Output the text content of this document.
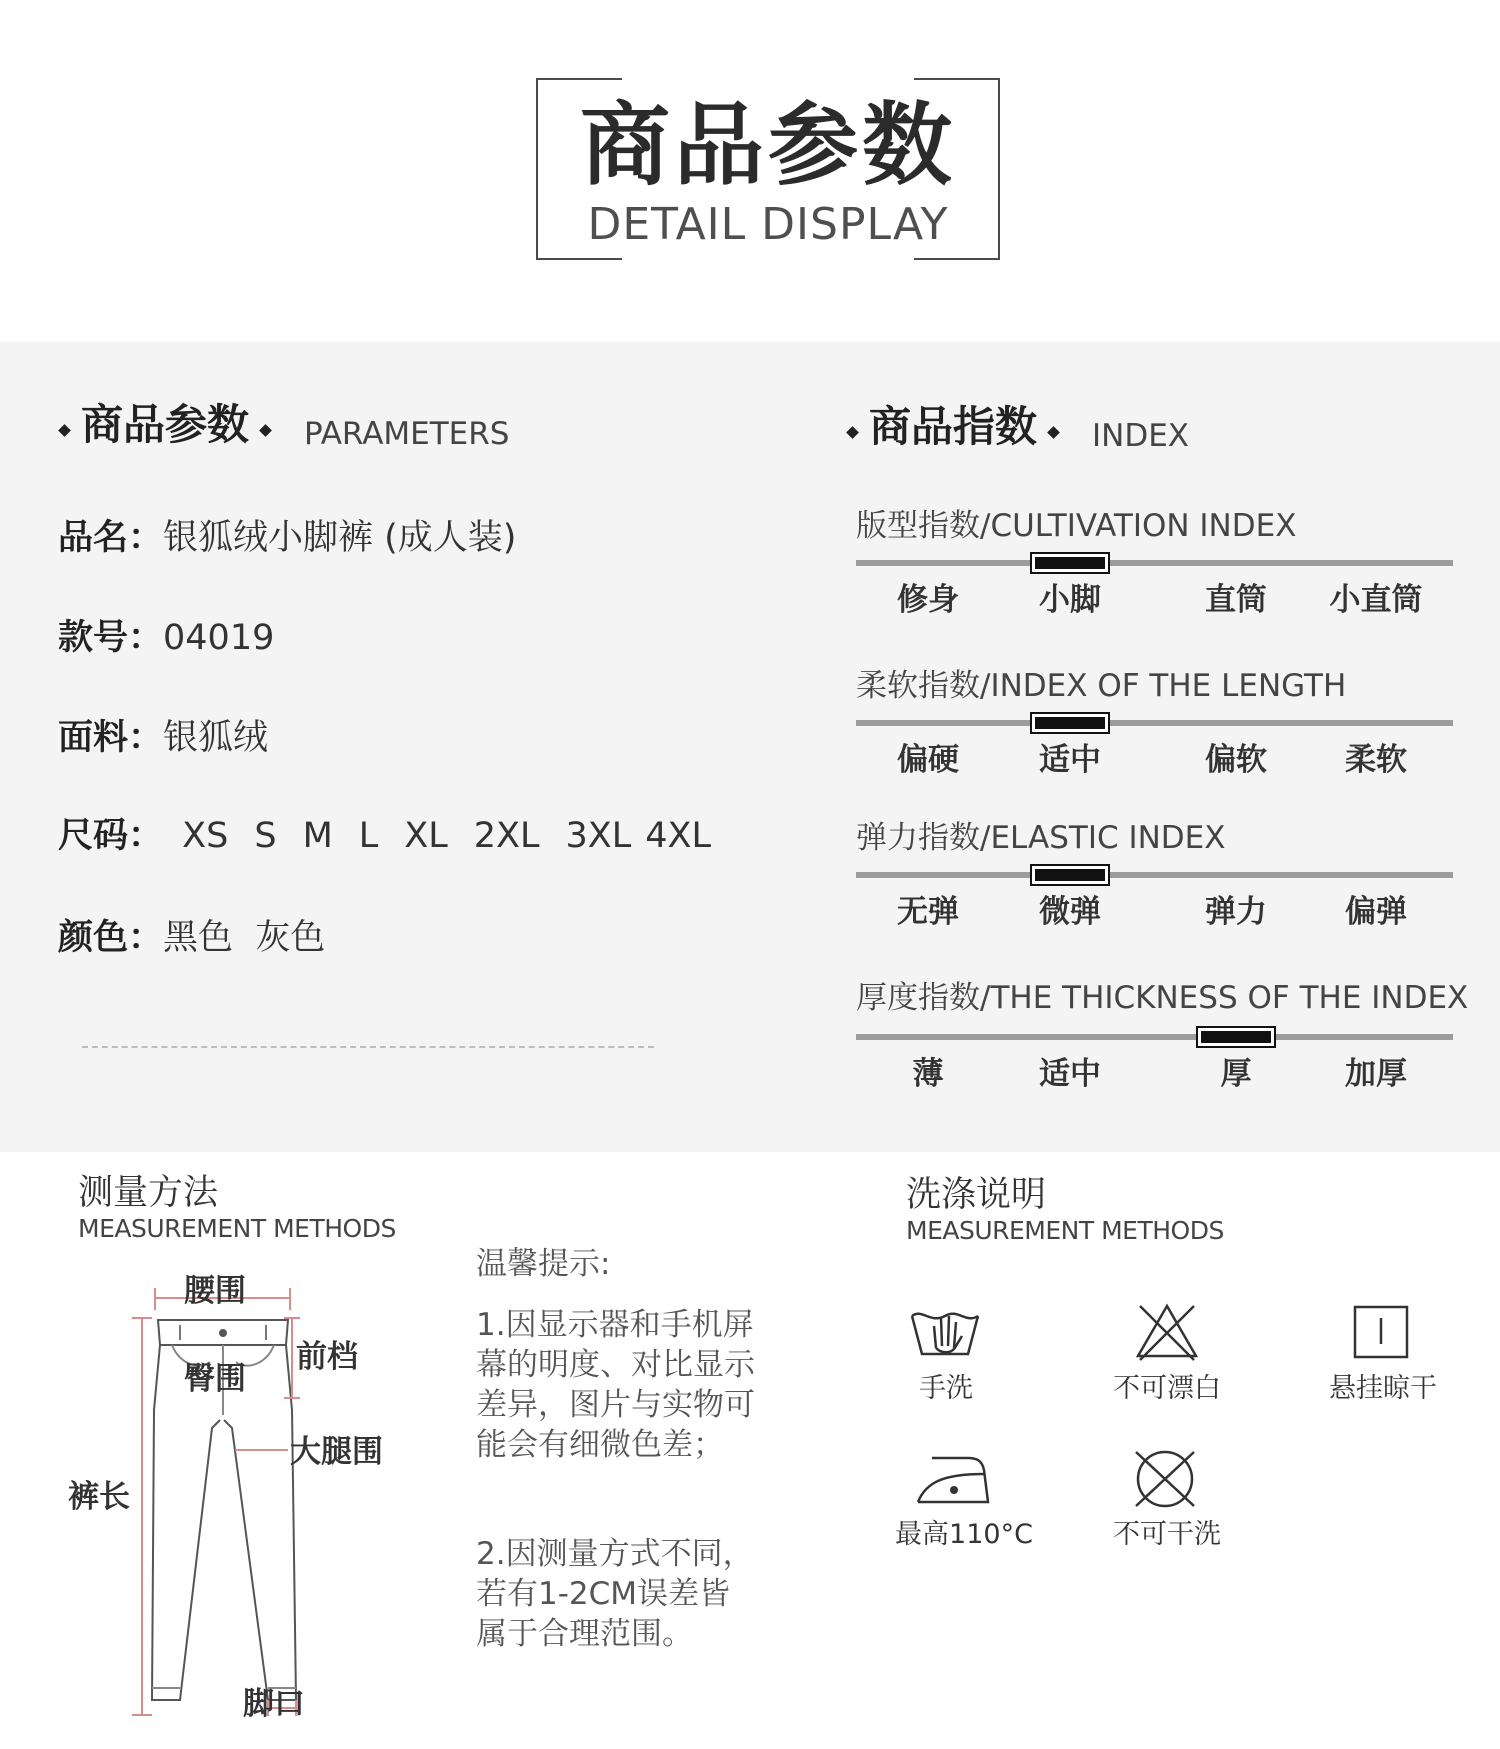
商品参数
DETAIL DISPLAY
商品参数	PARAMETERS
品名：银狐绒小脚裤 (成人装)
款号：04019
面料：银狐绒
尺码： XS S M L XL 2XL 3XL 4XL
颜色：黑色  灰色
商品指数	INDEX
版型指数/CULTIVATION INDEX
修身	小脚	直筒	小直筒
柔软指数/INDEX OF THE LENGTH
偏硬	适中	偏软	柔软
弹力指数/ELASTIC INDEX
无弹	微弹	弹力	偏弹
厚度指数/THE THICKNESS OF THE INDEX
薄	适中	厚	加厚
测量方法
MEASUREMENT METHODS
腰围
前档
臀围
大腿围
裤长
脚口
温馨提示:
1.因显示器和手机屏幕的明度、对比显示差异，图片与实物可能会有细微色差；
2.因测量方式不同，若有1-2CM误差皆属于合理范围。
洗涤说明
MEASUREMENT METHODS
手洗	不可漂白	悬挂晾干
最高110°C	不可干洗
